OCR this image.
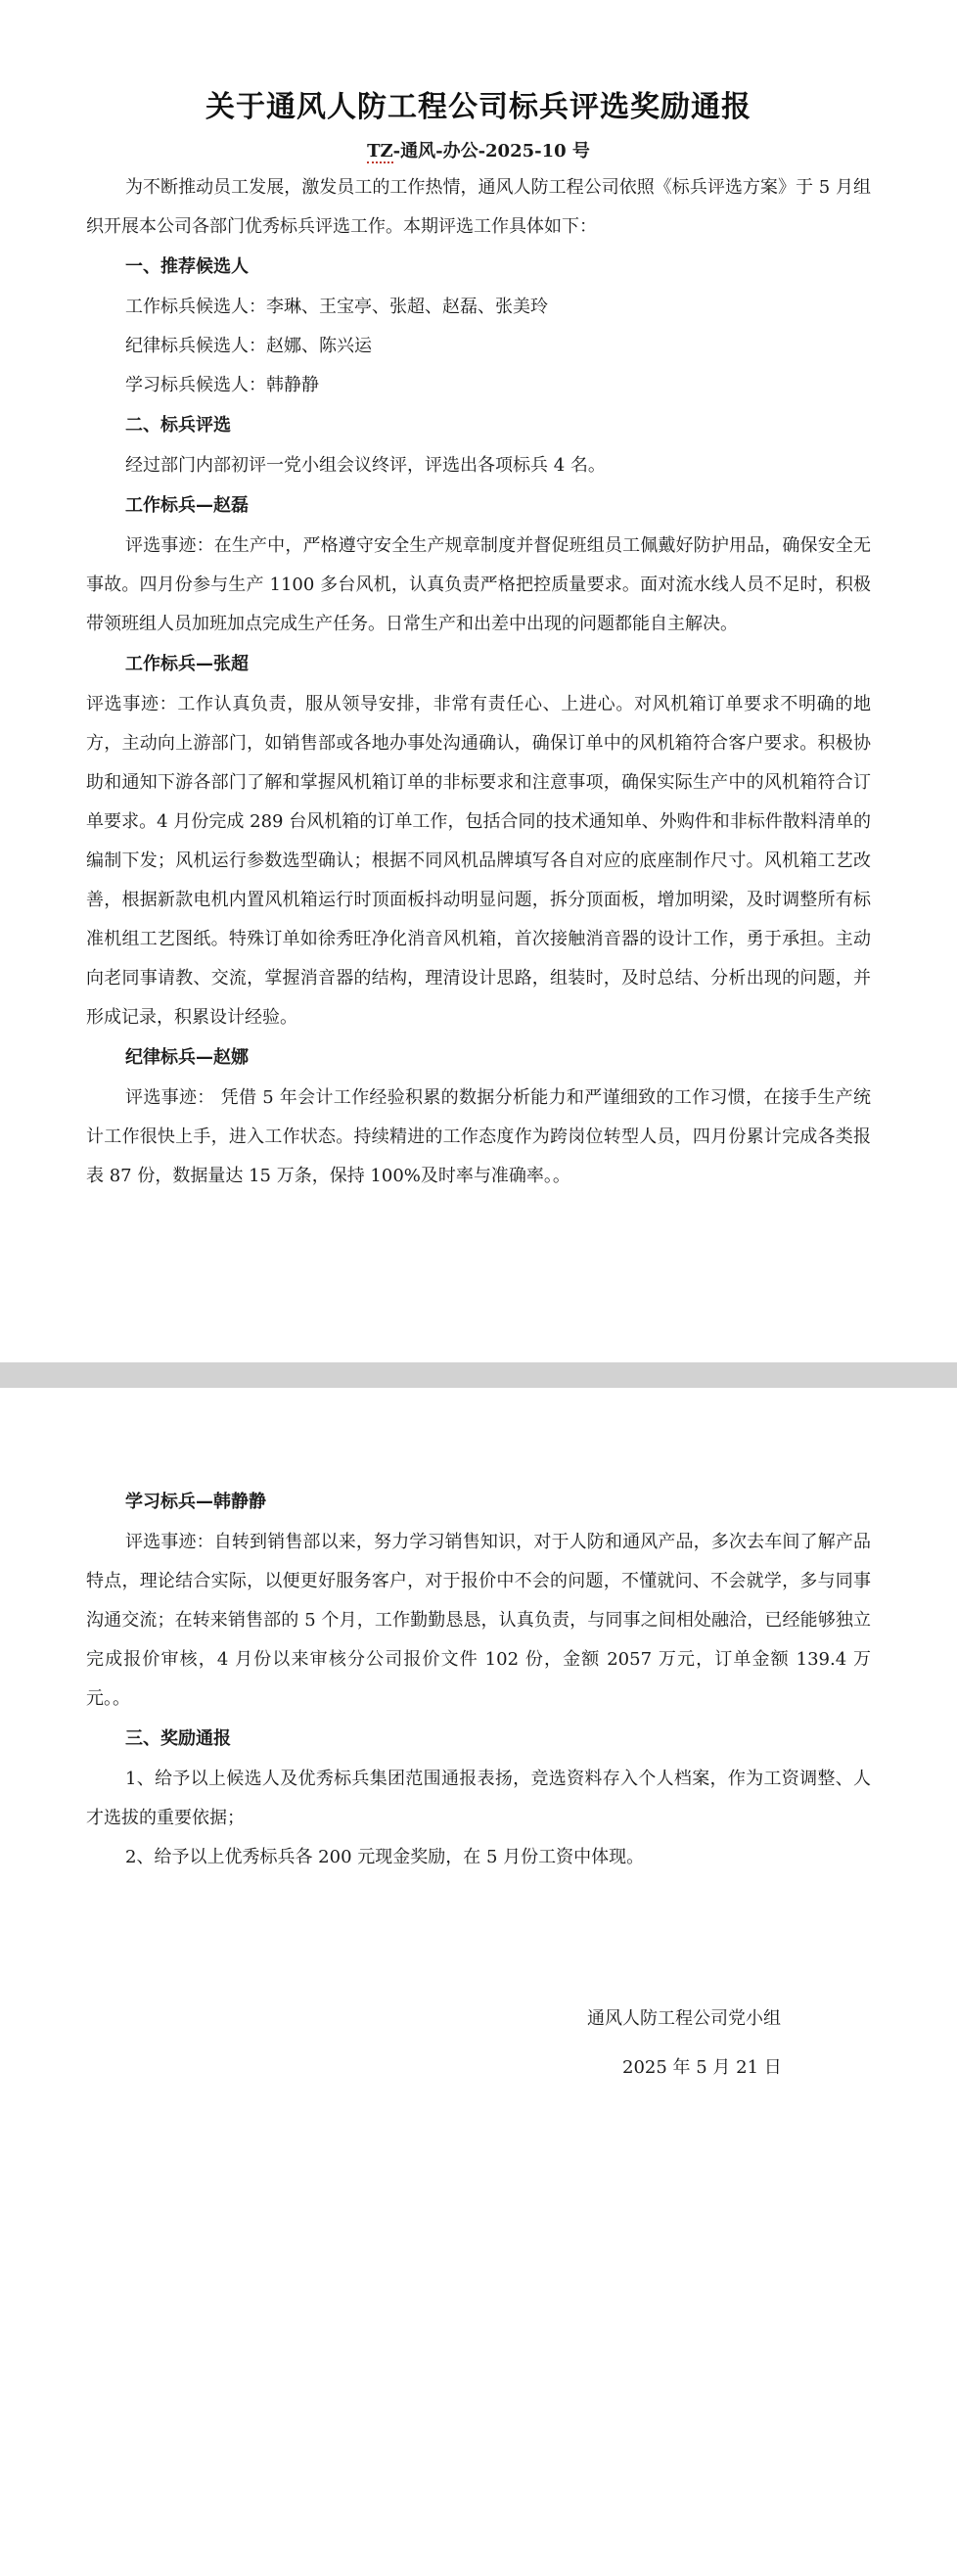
关于通风人防工程公司标兵评选奖励通报
TZ-通风-办公-2025-10 号

为不断推动员工发展，激发员工的工作热情，通风人防工程公司依照《标兵评选方案》于 5 月组织开展本公司各部门优秀标兵评选工作。本期评选工作具体如下：

一、推荐候选人

工作标兵候选人：李琳、王宝亭、张超、赵磊、张美玲

纪律标兵候选人：赵娜、陈兴运

学习标兵候选人：韩静静

二、标兵评选

经过部门内部初评一党小组会议终评，评选出各项标兵 4 名。

工作标兵—赵磊

评选事迹：在生产中，严格遵守安全生产规章制度并督促班组员工佩戴好防护用品，确保安全无事故。四月份参与生产 1100 多台风机，认真负责严格把控质量要求。面对流水线人员不足时，积极带领班组人员加班加点完成生产任务。日常生产和出差中出现的问题都能自主解决。

工作标兵—张超

评选事迹：工作认真负责，服从领导安排，非常有责任心、上进心。对风机箱订单要求不明确的地方，主动向上游部门，如销售部或各地办事处沟通确认，确保订单中的风机箱符合客户要求。积极协助和通知下游各部门了解和掌握风机箱订单的非标要求和注意事项，确保实际生产中的风机箱符合订单要求。4 月份完成 289 台风机箱的订单工作，包括合同的技术通知单、外购件和非标件散料清单的编制下发；风机运行参数选型确认；根据不同风机品牌填写各自对应的底座制作尺寸。风机箱工艺改善，根据新款电机内置风机箱运行时顶面板抖动明显问题，拆分顶面板，增加明梁，及时调整所有标准机组工艺图纸。特殊订单如徐秀旺净化消音风机箱，首次接触消音器的设计工作，勇于承担。主动向老同事请教、交流，掌握消音器的结构，理清设计思路，组装时，及时总结、分析出现的问题，并形成记录，积累设计经验。

纪律标兵—赵娜

评选事迹： 凭借 5 年会计工作经验积累的数据分析能力和严谨细致的工作习惯，在接手生产统计工作很快上手，进入工作状态。持续精进的工作态度作为跨岗位转型人员，四月份累计完成各类报表 87 份，数据量达 15 万条，保持 100%及时率与准确率。。

学习标兵—韩静静

评选事迹：自转到销售部以来，努力学习销售知识，对于人防和通风产品，多次去车间了解产品特点，理论结合实际，以便更好服务客户，对于报价中不会的问题，不懂就问、不会就学，多与同事沟通交流；在转来销售部的 5 个月，工作勤勤恳恳，认真负责，与同事之间相处融洽，已经能够独立完成报价审核，4 月份以来审核分公司报价文件 102 份，金额 2057 万元，订单金额 139.4 万元。。

三、奖励通报

1、给予以上候选人及优秀标兵集团范围通报表扬，竞选资料存入个人档案，作为工资调整、人才选拔的重要依据；

2、给予以上优秀标兵各 200 元现金奖励，在 5 月份工资中体现。

通风人防工程公司党小组
2025 年 5 月 21 日
